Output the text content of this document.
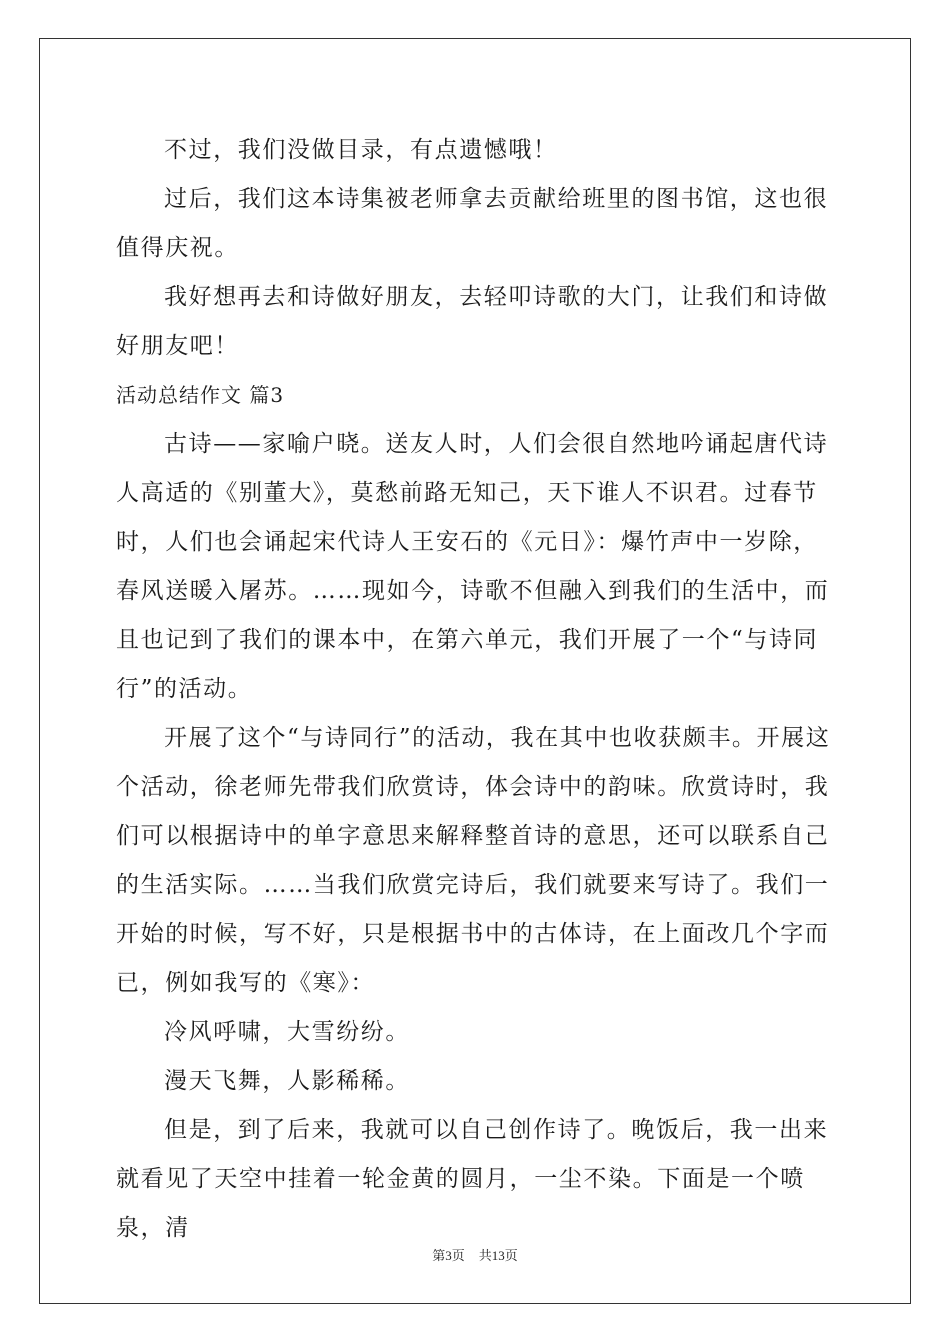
不过，我们没做目录，有点遗憾哦！

过后，我们这本诗集被老师拿去贡献给班里的图书馆，这也很值得庆祝。

我好想再去和诗做好朋友，去轻叩诗歌的大门，让我们和诗做好朋友吧！

活动总结作文 篇3

古诗——家喻户晓。送友人时，人们会很自然地吟诵起唐代诗人高适的《别董大》，莫愁前路无知己，天下谁人不识君。过春节时，人们也会诵起宋代诗人王安石的《元日》：爆竹声中一岁除，春风送暖入屠苏。……现如今，诗歌不但融入到我们的生活中，而且也记到了我们的课本中，在第六单元，我们开展了一个“与诗同行”的活动。

开展了这个“与诗同行”的活动，我在其中也收获颇丰。开展这个活动，徐老师先带我们欣赏诗，体会诗中的韵味。欣赏诗时，我们可以根据诗中的单字意思来解释整首诗的意思，还可以联系自己的生活实际。……当我们欣赏完诗后，我们就要来写诗了。我们一开始的时候，写不好，只是根据书中的古体诗，在上面改几个字而已，例如我写的《寒》：

冷风呼啸，大雪纷纷。

漫天飞舞，人影稀稀。

但是，到了后来，我就可以自己创作诗了。晚饭后，我一出来就看见了天空中挂着一轮金黄的圆月，一尘不染。下面是一个喷泉，清

第3页 共13页
